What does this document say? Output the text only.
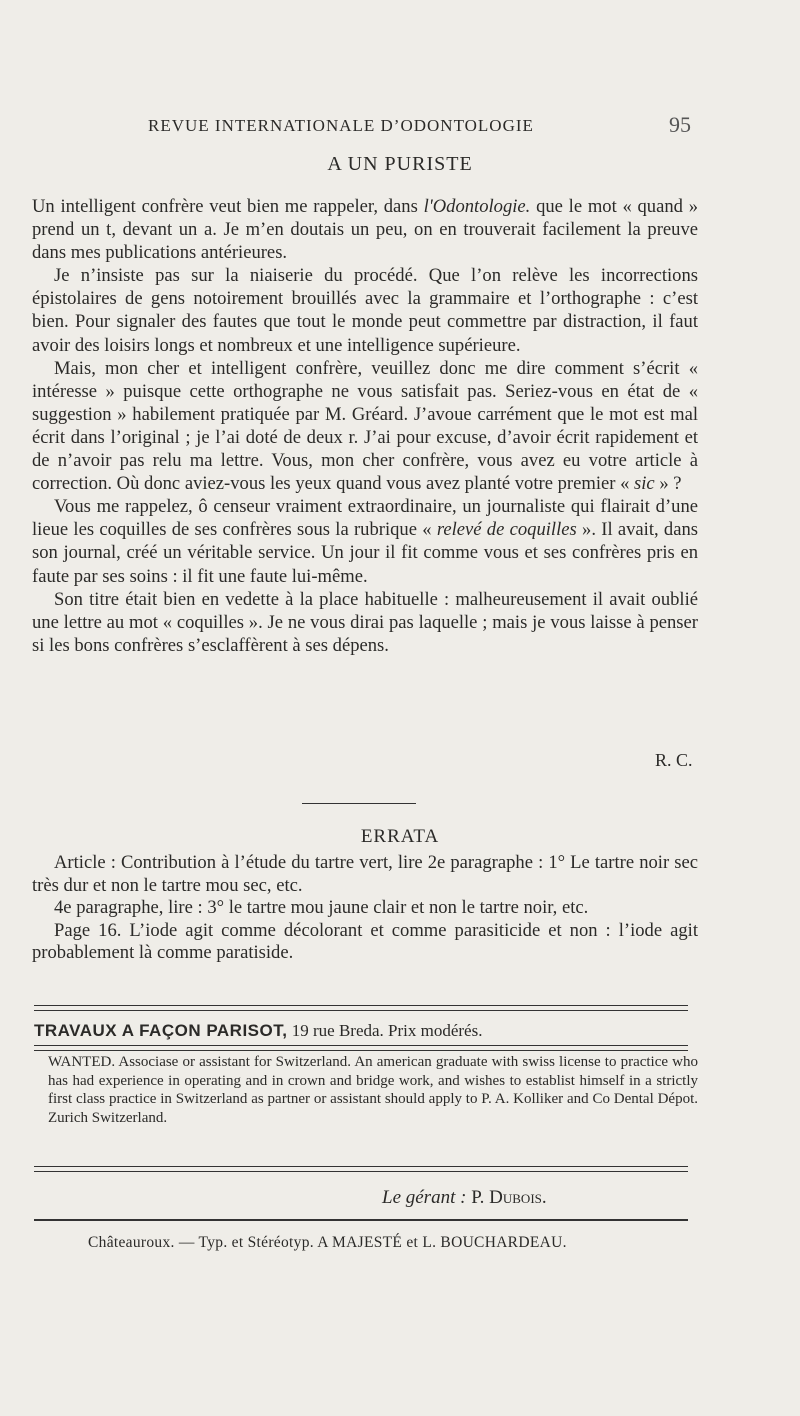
REVUE INTERNATIONALE D’ODONTOLOGIE	95
A UN PURISTE

Un intelligent confrère veut bien me rappeler, dans l'Odontologie. que le mot « quand » prend un t, devant un a. Je m’en doutais un peu, on en trouverait facilement la preuve dans mes publications antérieures.

Je n’insiste pas sur la niaiserie du procédé. Que l’on relève les incorrections épistolaires de gens notoirement brouillés avec la grammaire et l’orthographe : c’est bien. Pour signaler des fautes que tout le monde peut commettre par distraction, il faut avoir des loisirs longs et nombreux et une intelligence supérieure.

Mais, mon cher et intelligent confrère, veuillez donc me dire comment s’écrit « intéresse » puisque cette orthographe ne vous satisfait pas. Seriez-vous en état de « suggestion » habilement pratiquée par M. Gréard. J’avoue carrément que le mot est mal écrit dans l’original ; je l’ai doté de deux r. J’ai pour excuse, d’avoir écrit rapidement et de n’avoir pas relu ma lettre. Vous, mon cher confrère, vous avez eu votre article à correction. Où donc aviez-vous les yeux quand vous avez planté votre premier « sic » ?

Vous me rappelez, ô censeur vraiment extraordinaire, un journaliste qui flairait d’une lieue les coquilles de ses confrères sous la rubrique « relevé de coquilles ». Il avait, dans son journal, créé un véritable service. Un jour il fit comme vous et ses confrères pris en faute par ses soins : il fit une faute lui-même.

Son titre était bien en vedette à la place habituelle : malheureusement il avait oublié une lettre au mot « coquilles ». Je ne vous dirai pas laquelle ; mais je vous laisse à penser si les bons confrères s’esclaffèrent à ses dépens.

R. C.
ERRATA

Article : Contribution à l’étude du tartre vert, lire 2e paragraphe : 1° Le tartre noir sec très dur et non le tartre mou sec, etc.

4e paragraphe, lire : 3° le tartre mou jaune clair et non le tartre noir, etc.

Page 16. L’iode agit comme décolorant et comme parasiticide et non : l’iode agit probablement là comme paratiside.

TRAVAUX A FAÇON PARISOT, 19 rue Breda. Prix modérés.
WANTED. Associase or assistant for Switzerland. An american graduate with swiss license to practice who has had experience in operating and in crown and bridge work, and wishes to establist himself in a strictly first class practice in Switzerland as partner or assistant should apply to P. A. Kolliker and Co Dental Dépot. Zurich Switzerland.
Le gérant : P. Dubois.
Châteauroux. — Typ. et Stéréotyp. A MAJESTÉ et L. BOUCHARDEAU.
